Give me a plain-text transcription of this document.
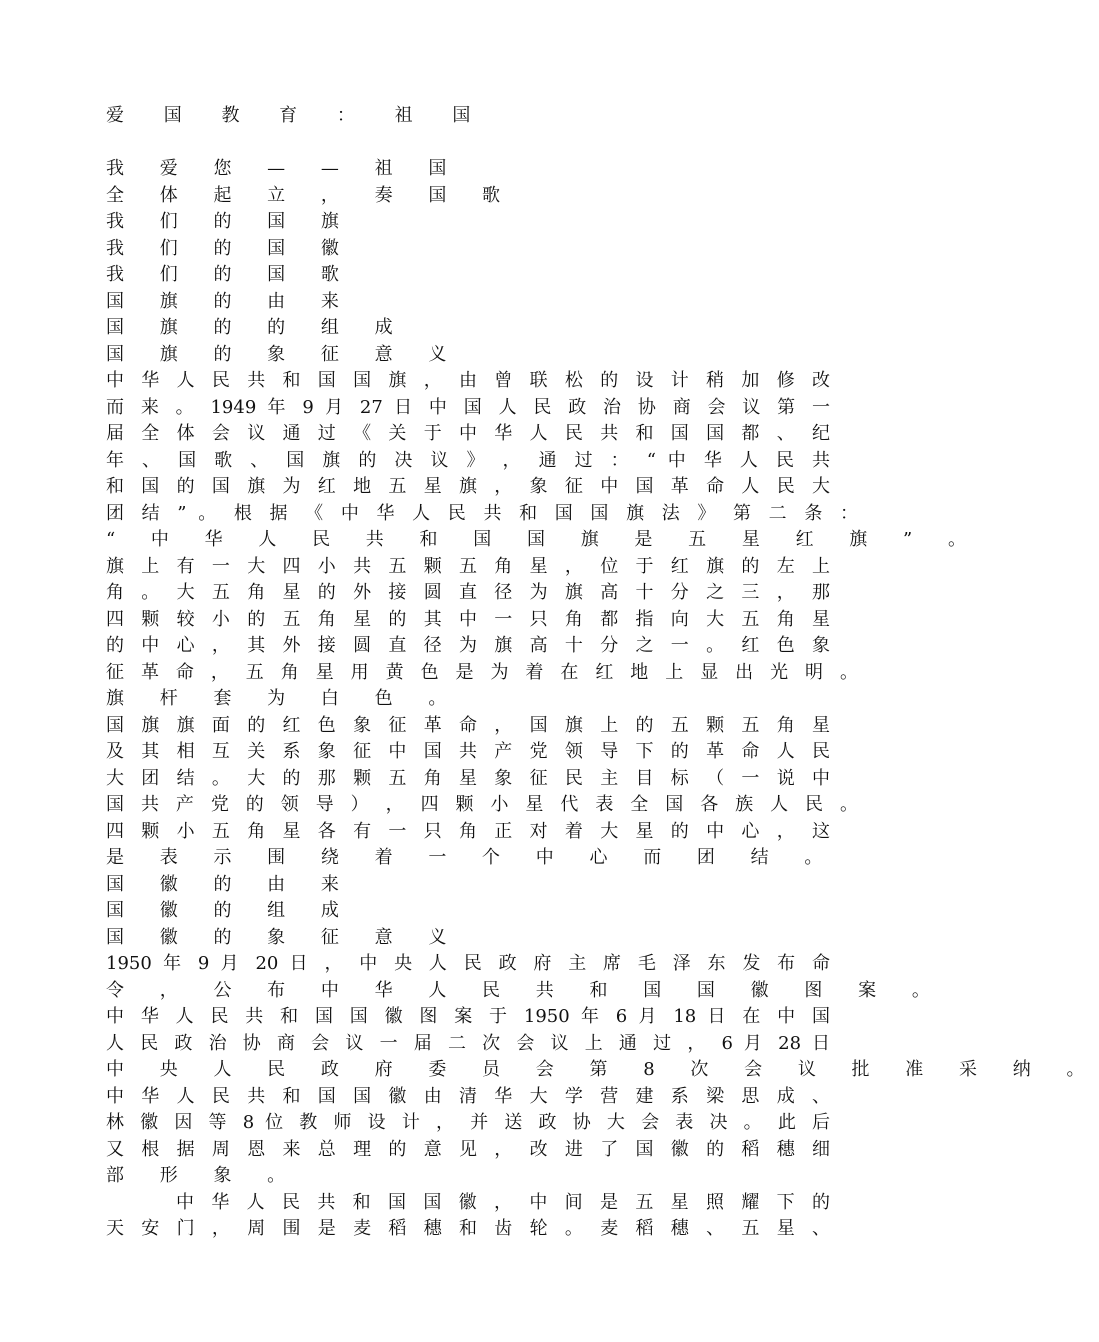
爱 国 教 育 ： 祖 国
我 爱 您 — — 祖 国
全 体 起 立 ， 奏 国 歌
我 们 的 国 旗
我 们 的 国 徽
我 们 的 国 歌
国 旗 的 由 来
国 旗 的 的 组 成
国 旗 的 象 征 意 义
中 华 人 民 共 和 国 国 旗 ， 由 曾 联 松 的 设 计 稍 加 修 改
而 来 。 1949 年 9 月 27 日 中 国 人 民 政 治 协 商 会 议 第 一
届 全 体 会 议 通 过 《 关 于 中 华 人 民 共 和 国 国 都 、 纪
年 、 国 歌 、 国 旗 的 决 议 》 ， 通 过 ： “ 中 华 人 民 共
和 国 的 国 旗 为 红 地 五 星 旗 ， 象 征 中 国 革 命 人 民 大
团 结 ” 。 根 据 《 中 华 人 民 共 和 国 国 旗 法 》 第 二 条 ：
“ 中 华 人 民 共 和 国 国 旗 是 五 星 红 旗 ” 。
旗 上 有 一 大 四 小 共 五 颗 五 角 星 ， 位 于 红 旗 的 左 上
角 。 大 五 角 星 的 外 接 圆 直 径 为 旗 高 十 分 之 三 ， 那
四 颗 较 小 的 五 角 星 的 其 中 一 只 角 都 指 向 大 五 角 星
的 中 心 ， 其 外 接 圆 直 径 为 旗 高 十 分 之 一 。 红 色 象
征 革 命 ， 五 角 星 用 黄 色 是 为 着 在 红 地 上 显 出 光 明 。
旗 杆 套 为 白 色 。
国 旗 旗 面 的 红 色 象 征 革 命 ， 国 旗 上 的 五 颗 五 角 星
及 其 相 互 关 系 象 征 中 国 共 产 党 领 导 下 的 革 命 人 民
大 团 结 。 大 的 那 颗 五 角 星 象 征 民 主 目 标 （ 一 说 中
国 共 产 党 的 领 导 ） ， 四 颗 小 星 代 表 全 国 各 族 人 民 。
四 颗 小 五 角 星 各 有 一 只 角 正 对 着 大 星 的 中 心 ， 这
是 表 示 围 绕 着 一 个 中 心 而 团 结 。
国 徽 的 由 来
国 徽 的 组 成
国 徽 的 象 征 意 义
1950 年 9 月 20 日 ， 中 央 人 民 政 府 主 席 毛 泽 东 发 布 命
令 ， 公 布 中 华 人 民 共 和 国 国 徽 图 案 。
中 华 人 民 共 和 国 国 徽 图 案 于 1950 年 6 月 18 日 在 中 国
人 民 政 治 协 商 会 议 一 届 二 次 会 议 上 通 过 ， 6 月 28 日
中 央 人 民 政 府 委 员 会 第 8 次 会 议 批 准 采 纳 。
中 华 人 民 共 和 国 国 徽 由 清 华 大 学 营 建 系 梁 思 成 、
林 徽 因 等 8 位 教 师 设 计 ， 并 送 政 协 大 会 表 决 。 此 后
又 根 据 周 恩 来 总 理 的 意 见 ， 改 进 了 国 徽 的 稻 穗 细
部 形 象 。
中 华 人 民 共 和 国 国 徽 ， 中 间 是 五 星 照 耀 下 的
天 安 门 ， 周 围 是 麦 稻 穗 和 齿 轮 。 麦 稻 穗 、 五 星 、
